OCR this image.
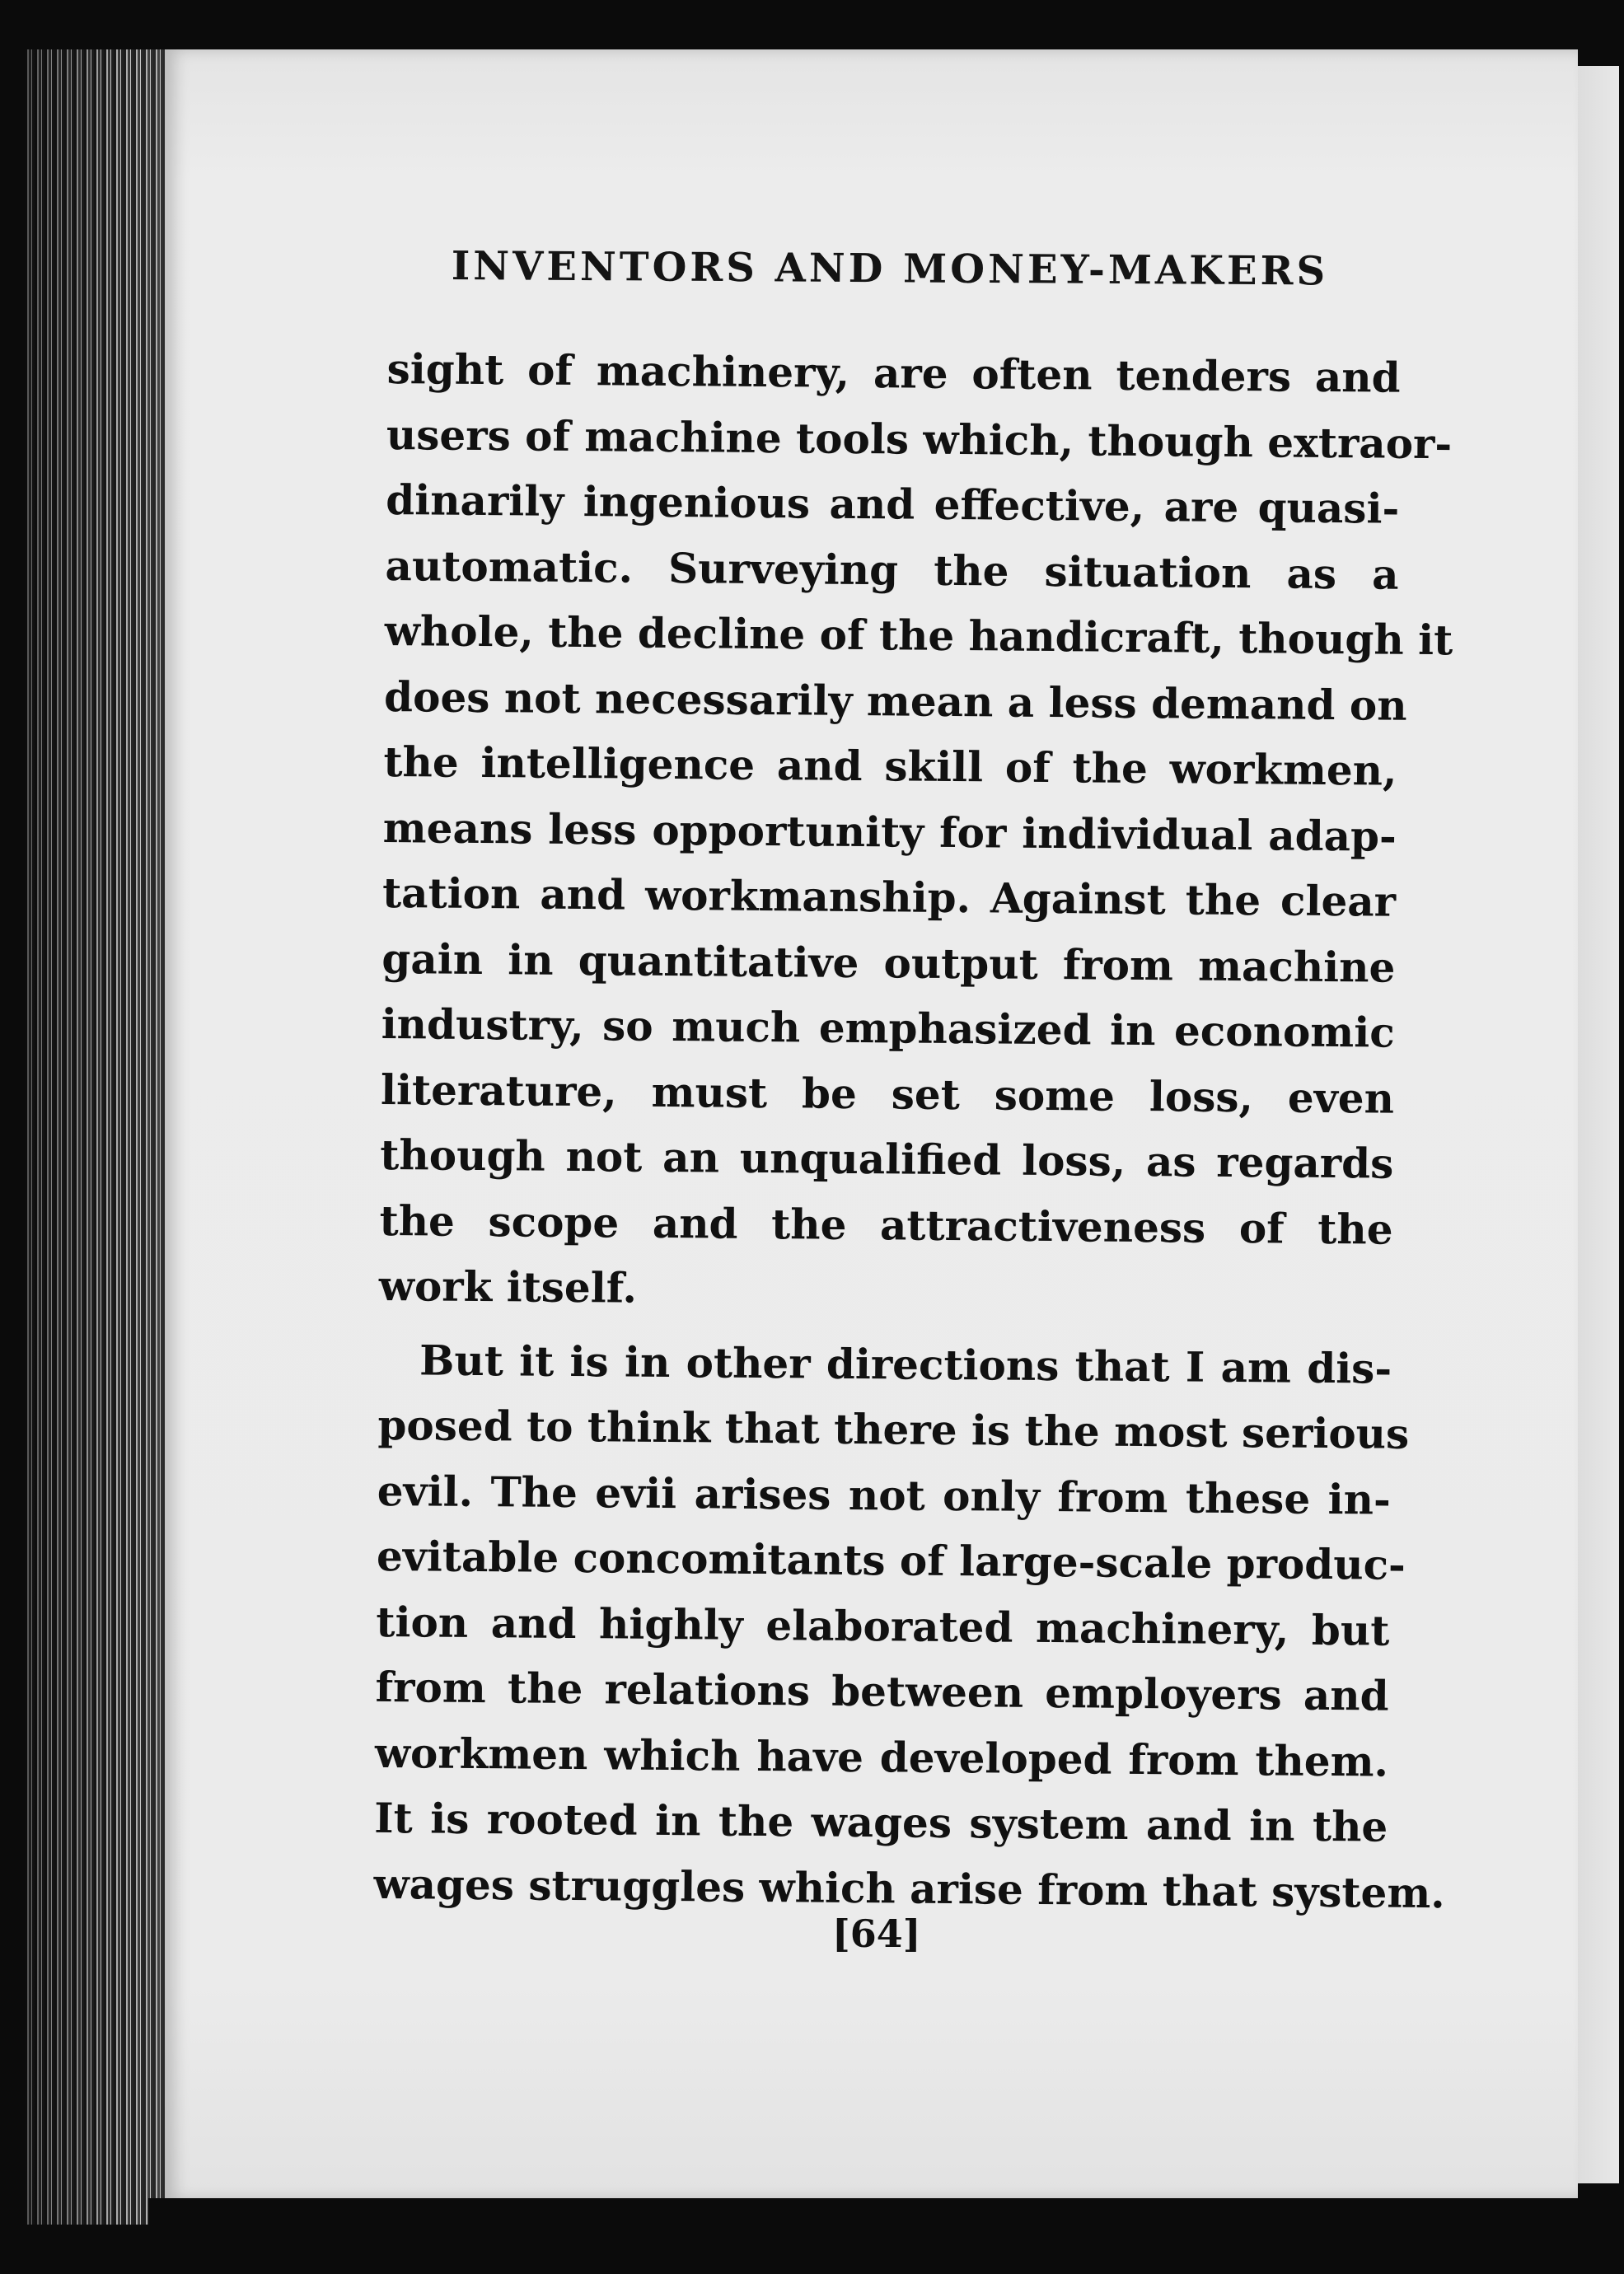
INVENTORS AND MONEY-MAKERS
sight of machinery, are often tenders and
users of machine tools which, though extraor-
dinarily ingenious and effective, are quasi-
automatic. Surveying the situation as a
whole, the decline of the handicraft, though it
does not necessarily mean a less demand on
the intelligence and skill of the workmen,
means less opportunity for individual adap-
tation and workmanship. Against the clear
gain in quantitative output from machine
industry, so much emphasized in economic
literature, must be set some loss, even
though not an unqualified loss, as regards
the scope and the attractiveness of the
work itself.
But it is in other directions that I am dis-
posed to think that there is the most serious
evil. The evii arises not only from these in-
evitable concomitants of large-scale produc-
tion and highly elaborated machinery, but
from the relations between employers and
workmen which have developed from them.
It is rooted in the wages system and in the
wages struggles which arise from that system.

[64]
